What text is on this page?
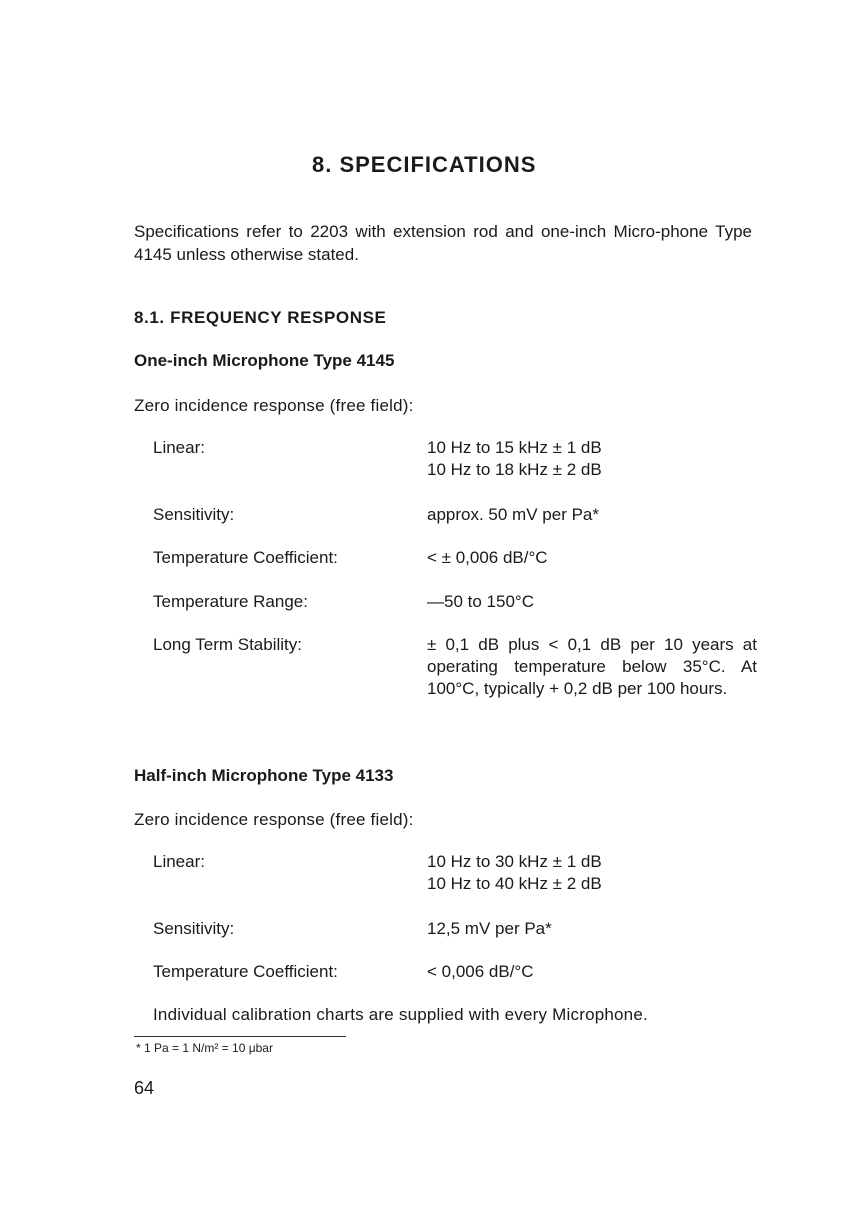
8. SPECIFICATIONS
Specifications refer to 2203 with extension rod and one-inch Micro-phone Type 4145 unless otherwise stated.
8.1. FREQUENCY RESPONSE
One-inch Microphone Type 4145
Zero incidence response (free field):
Linear:	10 Hz to 15 kHz ± 1 dB
10 Hz to 18 kHz ± 2 dB
Sensitivity:	approx. 50 mV per Pa*
Temperature Coefficient:	< ± 0,006 dB/°C
Temperature Range:	—50 to 150°C
Long Term Stability:	± 0,1 dB plus < 0,1 dB per 10 years at operating temperature below 35°C. At 100°C, typically + 0,2 dB per 100 hours.
Half-inch Microphone Type 4133
Zero incidence response (free field):
Linear:	10 Hz to 30 kHz ± 1 dB
10 Hz to 40 kHz ± 2 dB
Sensitivity:	12,5 mV per Pa*
Temperature Coefficient:	< 0,006 dB/°C
Individual calibration charts are supplied with every Microphone.
* 1 Pa = 1 N/m² = 10 μbar
64
